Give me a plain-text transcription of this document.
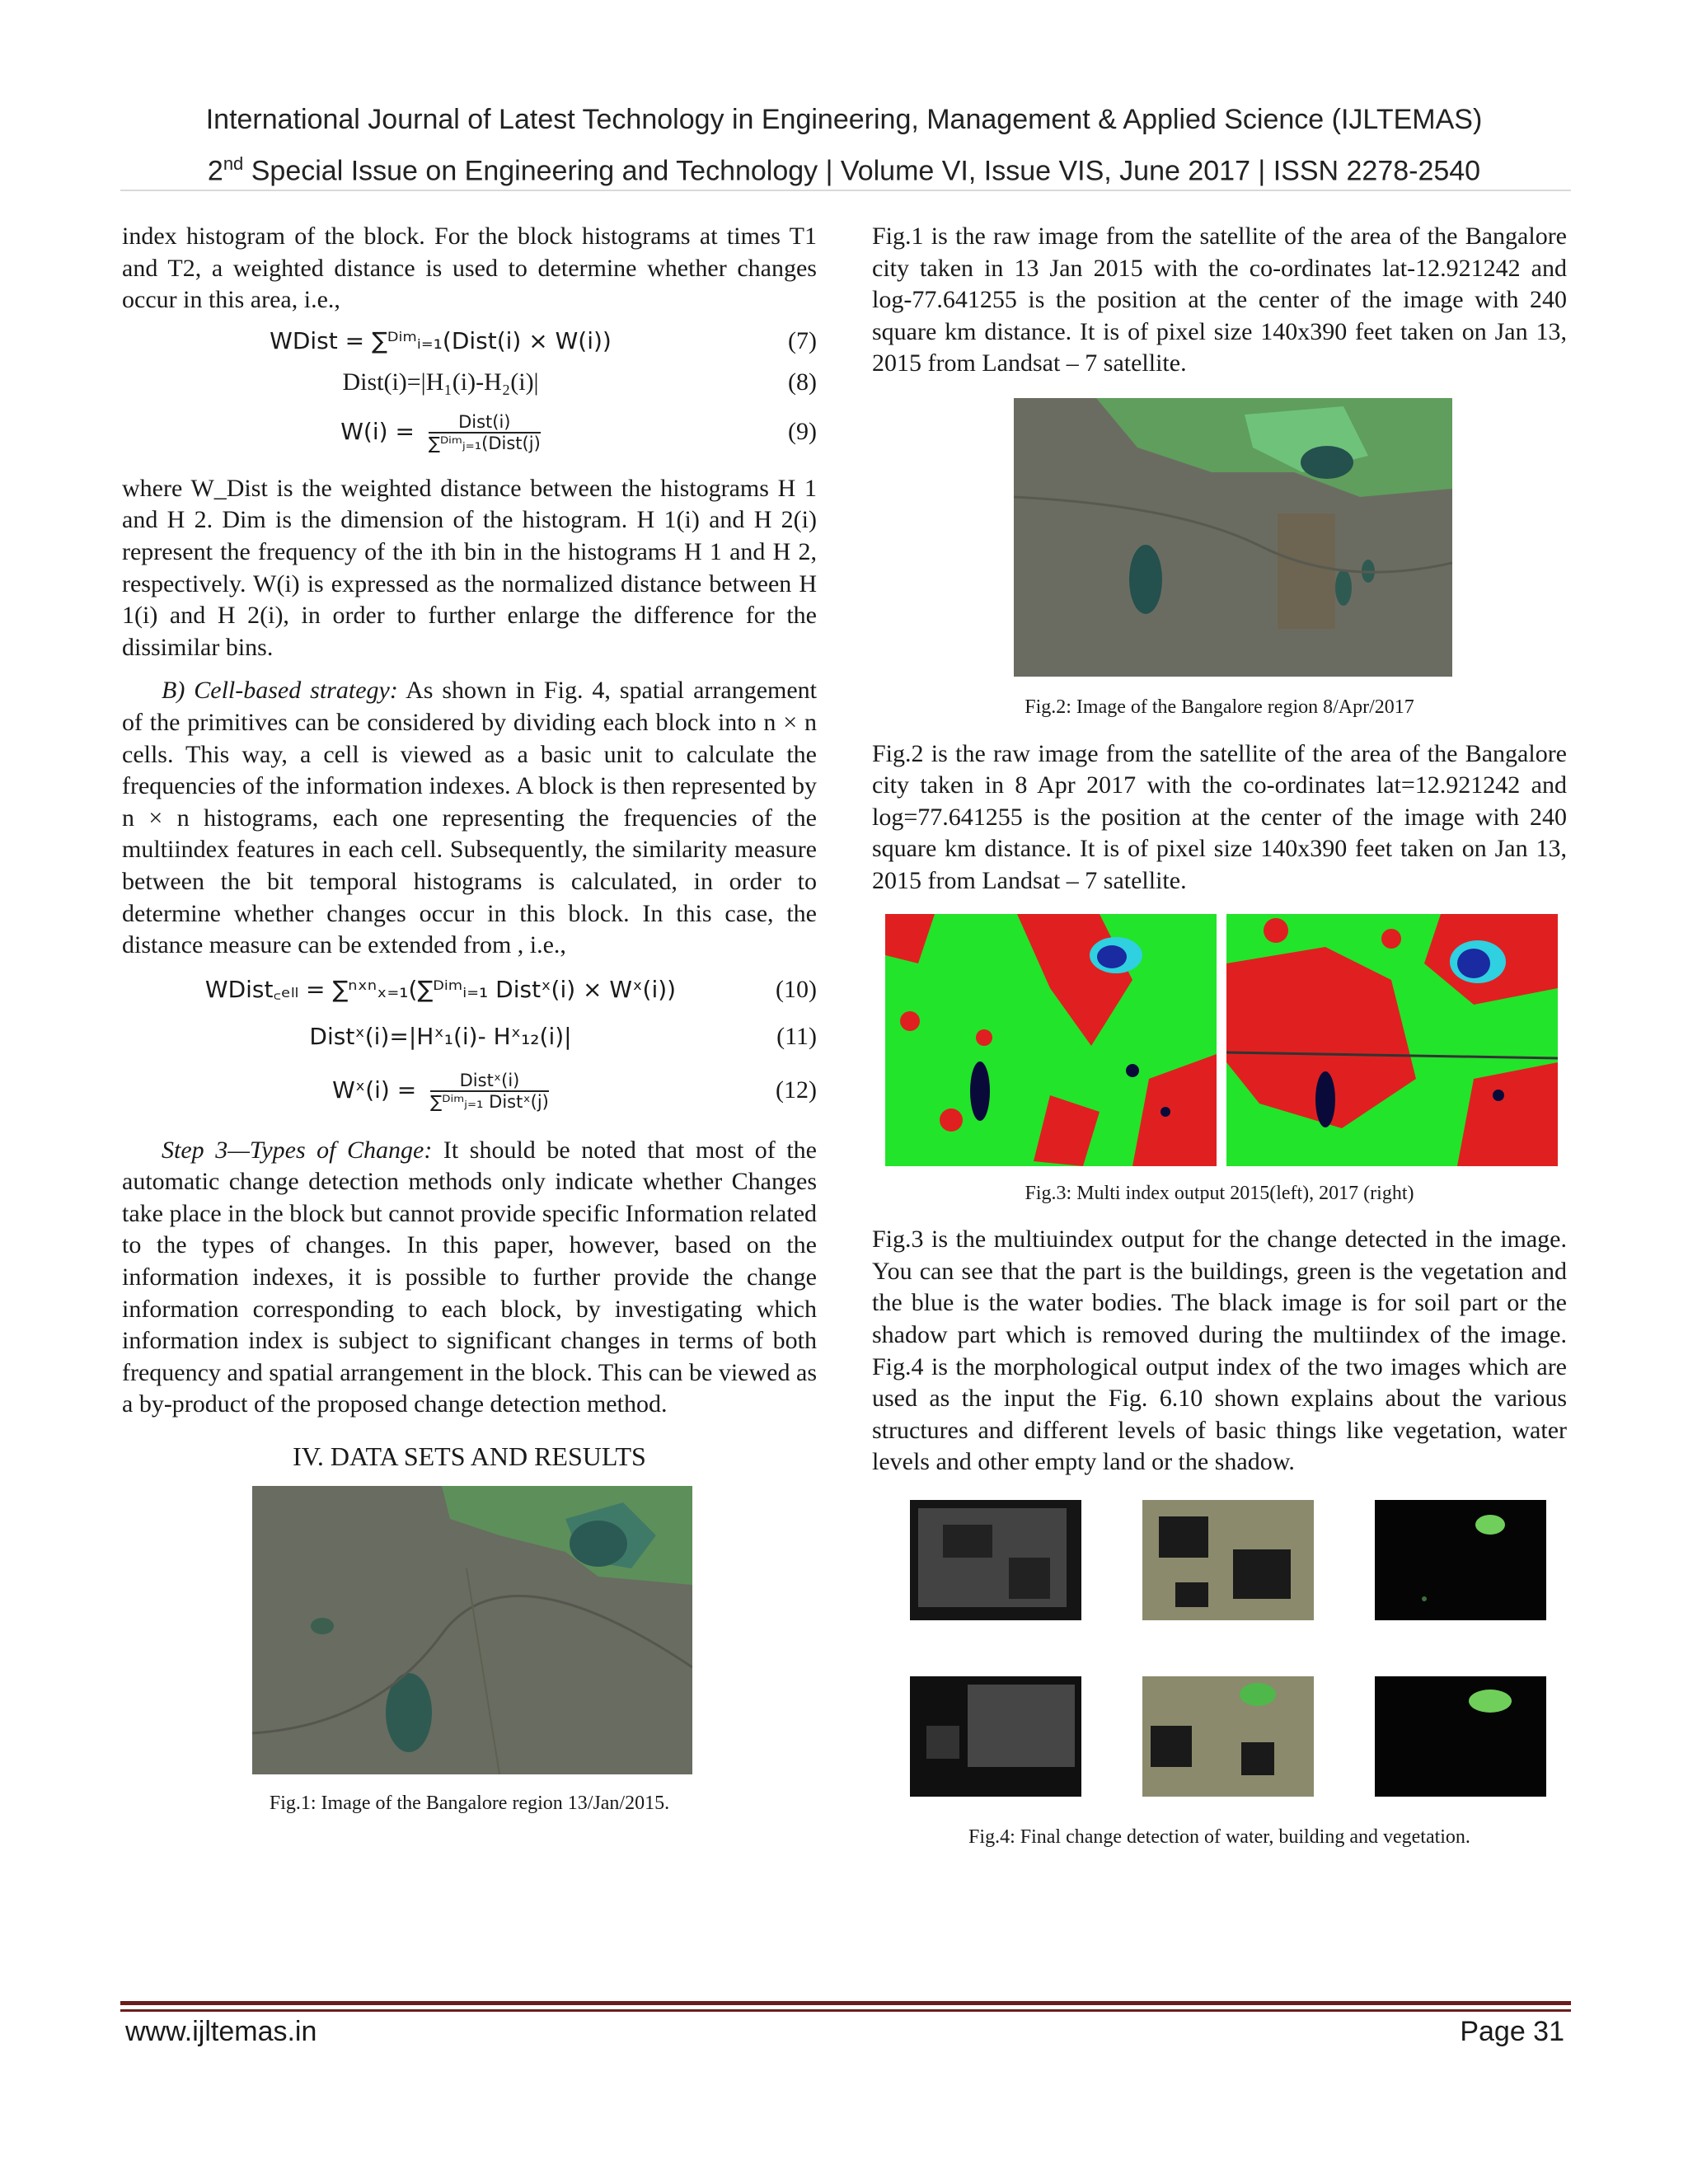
International Journal of Latest Technology in Engineering, Management & Applied Science (IJLTEMAS)
2nd Special Issue on Engineering and Technology | Volume VI, Issue VIS, June 2017 | ISSN 2278-2540

index histogram of the block. For the block histograms at times T1 and T2, a weighted distance is used to determine whether changes occur in this area, i.e.,

WDist = ∑ᴰⁱᵐᵢ₌₁(Dist(i) × W(i))	(7)
Dist(i)=|H₁(i)-H₂(i)|	(8)
$W(i) = \frac{\text{Dist(i)}}{\text{∑ᴰⁱᵐⱼ₌₁(Dist(j)}}$	(9)

where W_Dist is the weighted distance between the histograms H 1 and H 2. Dim is the dimension of the histogram. H 1(i) and H 2(i) represent the frequency of the ith bin in the histograms H 1 and H 2, respectively. W(i) is expressed as the normalized distance between H 1(i) and H 2(i), in order to further enlarge the difference for the dissimilar bins.

B) Cell-based strategy: As shown in Fig. 4, spatial arrangement of the primitives can be considered by dividing each block into n × n cells. This way, a cell is viewed as a basic unit to calculate the frequencies of the information indexes. A block is then represented by n × n histograms, each one representing the frequencies of the multiindex features in each cell. Subsequently, the similarity measure between the bit temporal histograms is calculated, in order to determine whether changes occur in this block. In this case, the distance measure can be extended from , i.e.,

WDist꜀ₑₗₗ = ∑ⁿˣⁿₓ₌₁(∑ᴰⁱᵐᵢ₌₁ Distˣ(i) × Wˣ(i))	(10)
Distˣ(i)=|Hˣ₁(i)- Hˣ₁₂(i)|	(11)
Wˣ(i) = $\frac{\text{Distˣ(i)}}{\text{∑ᴰⁱᵐⱼ₌₁ Distˣ(j)}}$	(12)

Step 3—Types of Change: It should be noted that most of the automatic change detection methods only indicate whether Changes take place in the block but cannot provide specific Information related to the types of changes. In this paper, however, based on the information indexes, it is possible to further provide the change information corresponding to each block, by investigating which information index is subject to significant changes in terms of both frequency and spatial arrangement in the block. This can be viewed as a by-product of the proposed change detection method.

IV. DATA SETS AND RESULTS
Fig.1: Image of the Bangalore region 13/Jan/2015.

Fig.1 is the raw image from the satellite of the area of the Bangalore city taken in 13 Jan 2015 with the co-ordinates lat-12.921242 and log-77.641255 is the position at the center of the image with 240 square km distance. It is of pixel size 140x390 feet taken on Jan 13, 2015 from Landsat – 7 satellite.

Fig.2: Image of the Bangalore region 8/Apr/2017

Fig.2 is the raw image from the satellite of the area of the Bangalore city taken in 8 Apr 2017 with the co-ordinates lat=12.921242 and log=77.641255 is the position at the center of the image with 240 square km distance. It is of pixel size 140x390 feet taken on Jan 13, 2015 from Landsat – 7 satellite.

Fig.3: Multi index output 2015(left), 2017 (right)

Fig.3 is the multiuindex output for the change detected in the image. You can see that the part is the buildings, green is the vegetation and the blue is the water bodies. The black image is for soil part or the shadow part which is removed during the multiindex of the image. Fig.4 is the morphological output index of the two images which are used as the input the Fig. 6.10 shown explains about the various structures and different levels of basic things like vegetation, water levels and other empty land or the shadow.

Fig.4: Final change detection of water, building and vegetation.
www.ijltemas.in	Page 31
